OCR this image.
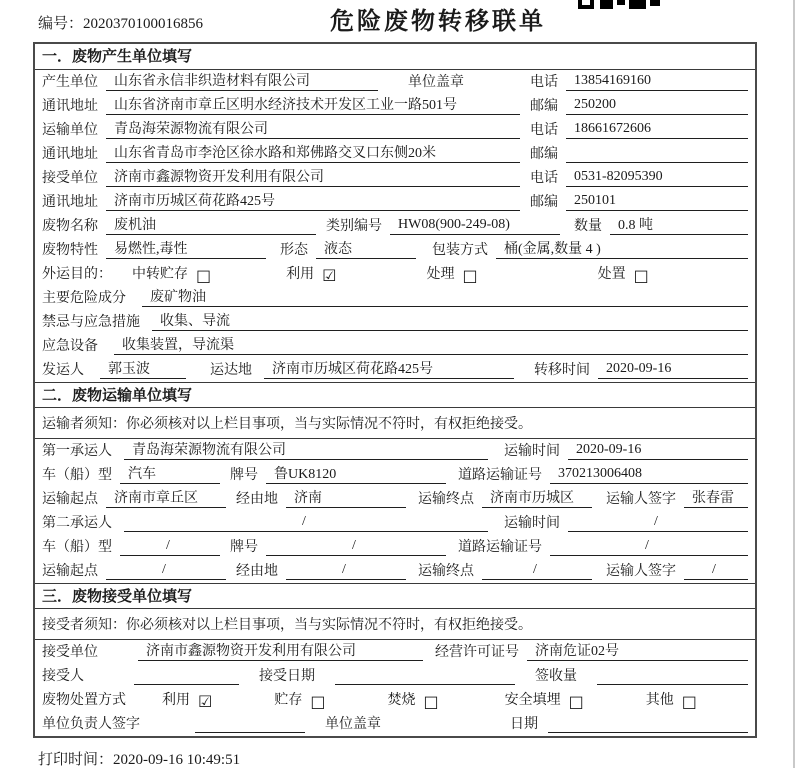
编号：2020370100016856	危险废物转移联单
一．废物产生单位填写
产生单位	山东省永信非织造材料有限公司	单位盖章	电话	13854169160
通讯地址	山东省济南市章丘区明水经济技术开发区工业一路501号	邮编	250200
运输单位	青岛海荣源物流有限公司	电话	18661672606
通讯地址	山东省青岛市李沧区徐水路和郑佛路交叉口东侧20米	邮编
接受单位	济南市鑫源物资开发利用有限公司	电话	0531-82095390
通讯地址	济南市历城区荷花路425号	邮编	250101
废物名称	废机油	类别编号	HW08(900-249-08)	数量	0.8 吨
废物特性	易燃性,毒性	形态	液态	包装方式	桶(金属,数量 4 )
外运目的： 中转贮存 □	利用 ☑	处理 □	处置 □
主要危险成分	废矿物油
禁忌与应急措施	收集、导流
应急设备	收集装置，导流渠
发运人	郭玉波	运达地	济南市历城区荷花路425号	转移时间	2020-09-16
二．废物运输单位填写
运输者须知：你必须核对以上栏目事项，当与实际情况不符时，有权拒绝接受。
第一承运人	青岛海荣源物流有限公司	运输时间	2020-09-16
车（船）型	汽车	牌号	鲁UK8120	道路运输证号	370213006408
运输起点	济南市章丘区	经由地	济南	运输终点	济南市历城区	运输人签字	张春雷
第二承运人	/	运输时间	/
车（船）型	/	牌号	/	道路运输证号	/
运输起点	/	经由地	/	运输终点	/	运输人签字	/
三．废物接受单位填写
接受者须知：你必须核对以上栏目事项，当与实际情况不符时，有权拒绝接受。
接受单位	济南市鑫源物资开发利用有限公司	经营许可证号	济南危证02号
接受人	接受日期	签收量
废物处置方式	利用 ☑	贮存 □	焚烧 □	安全填埋 □	其他 □
单位负责人签字	单位盖章	日期
打印时间：2020-09-16 10:49:51
